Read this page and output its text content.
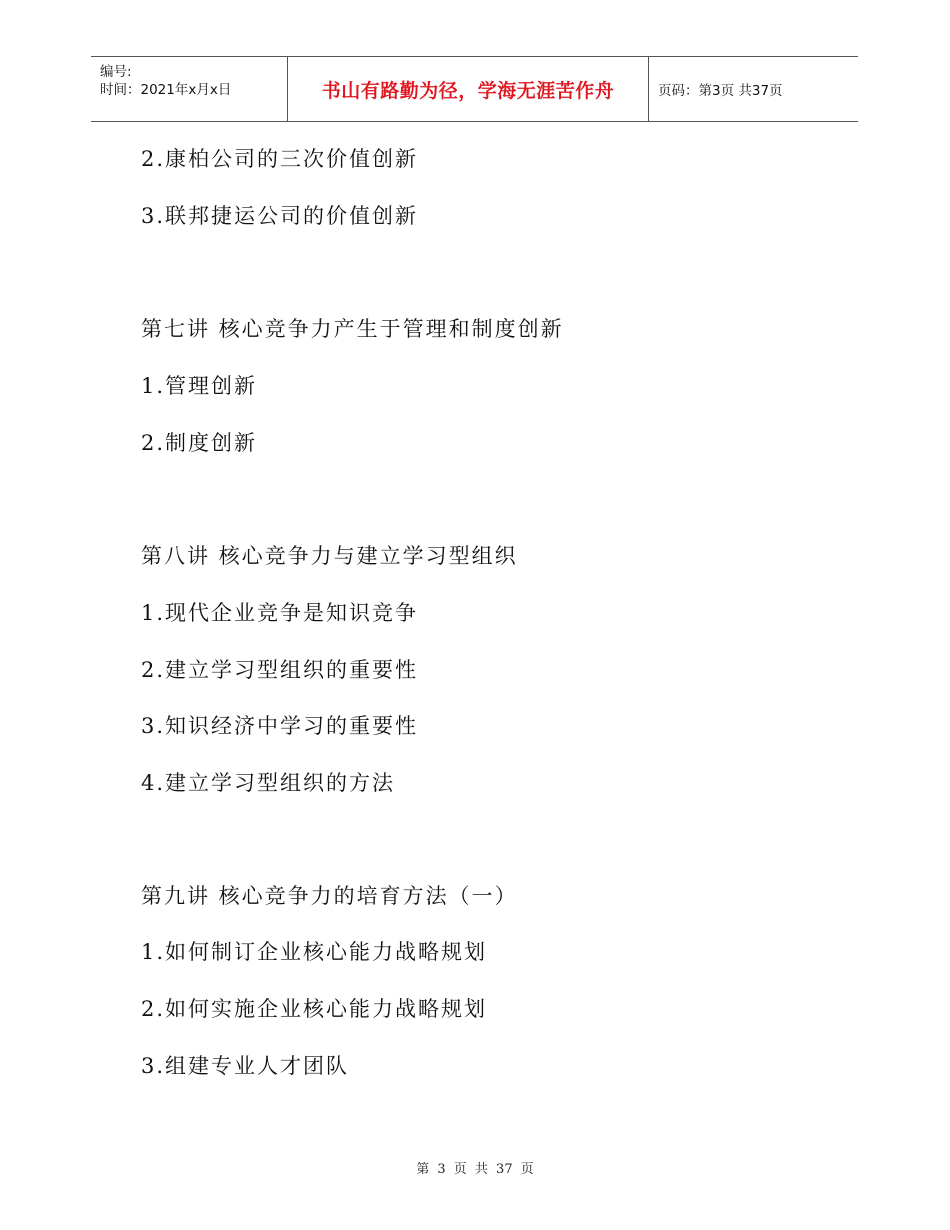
编号:
时间：2021年x月x日	书山有路勤为径，学海无涯苦作舟	页码：第3页 共37页
2.康柏公司的三次价值创新
3.联邦捷运公司的价值创新
第七讲 核心竞争力产生于管理和制度创新
1.管理创新
2.制度创新
第八讲 核心竞争力与建立学习型组织
1.现代企业竞争是知识竞争
2.建立学习型组织的重要性
3.知识经济中学习的重要性
4.建立学习型组织的方法
第九讲 核心竞争力的培育方法（一）
1.如何制订企业核心能力战略规划
2.如何实施企业核心能力战略规划
3.组建专业人才团队
第 3 页 共 37 页
